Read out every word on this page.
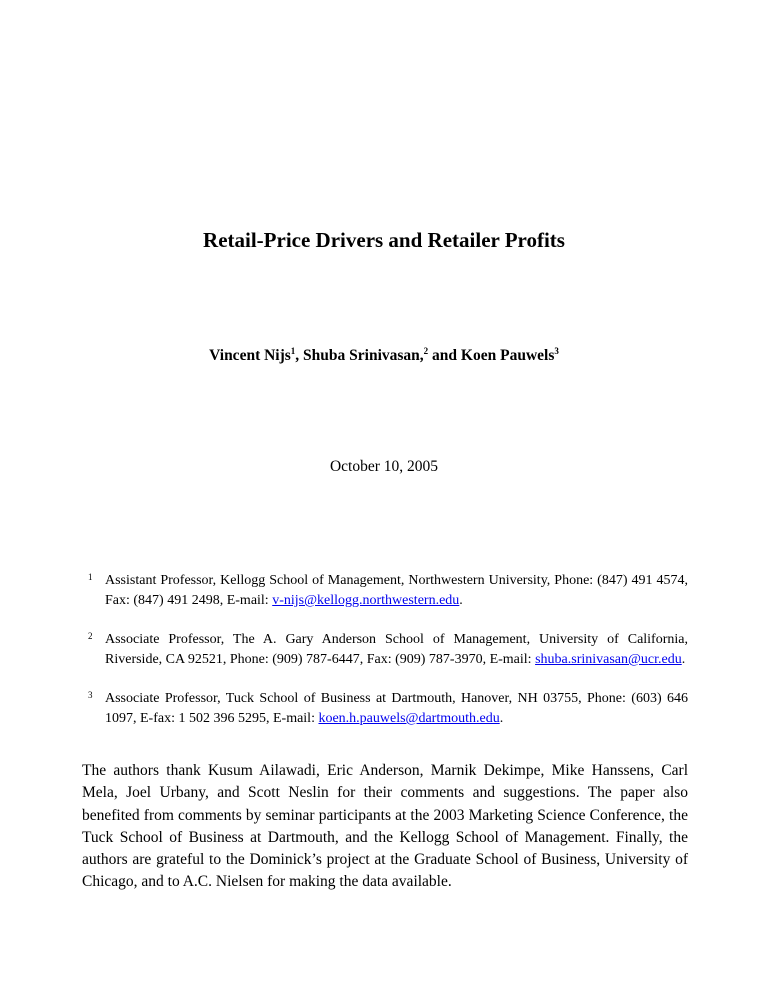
Retail-Price Drivers and Retailer Profits
Vincent Nijs$^1$, Shuba Srinivasan,$^2$ and Koen Pauwels$^3$
October 10, 2005
1 Assistant Professor, Kellogg School of Management, Northwestern University, Phone: (847) 491 4574, Fax: (847) 491 2498, E-mail: v-nijs@kellogg.northwestern.edu.
2 Associate Professor, The A. Gary Anderson School of Management, University of California, Riverside, CA 92521, Phone: (909) 787-6447, Fax: (909) 787-3970, E-mail: shuba.srinivasan@ucr.edu.
3 Associate Professor, Tuck School of Business at Dartmouth, Hanover, NH 03755, Phone: (603) 646 1097, E-fax: 1 502 396 5295, E-mail: koen.h.pauwels@dartmouth.edu.
The authors thank Kusum Ailawadi, Eric Anderson, Marnik Dekimpe, Mike Hanssens, Carl Mela, Joel Urbany, and Scott Neslin for their comments and suggestions. The paper also benefited from comments by seminar participants at the 2003 Marketing Science Conference, the Tuck School of Business at Dartmouth, and the Kellogg School of Management. Finally, the authors are grateful to the Dominick’s project at the Graduate School of Business, University of Chicago, and to A.C. Nielsen for making the data available.
